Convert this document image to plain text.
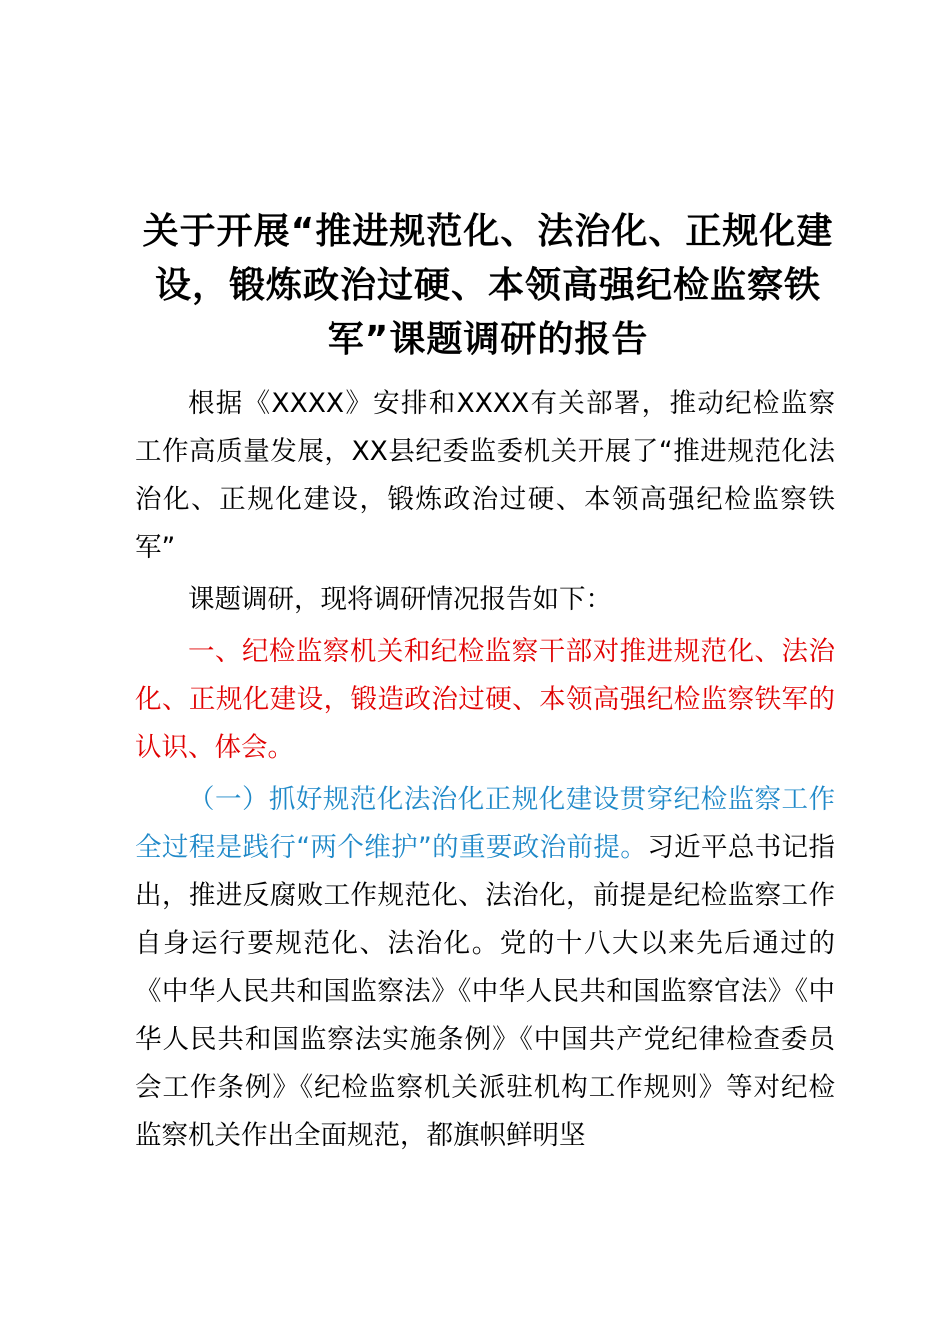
关于开展“推进规范化、法治化、正规化建设，锻炼政治过硬、本领高强纪检监察铁军”课题调研的报告

根据《XXXX》安排和XXXX有关部署，推动纪检监察工作高质量发展，XX县纪委监委机关开展了“推进规范化法治化、正规化建设，锻炼政治过硬、本领高强纪检监察铁军”

课题调研，现将调研情况报告如下：

一、纪检监察机关和纪检监察干部对推进规范化、法治化、正规化建设，锻造政治过硬、本领高强纪检监察铁军的认识、体会。

（一）抓好规范化法治化正规化建设贯穿纪检监察工作全过程是践行“两个维护”的重要政治前提。习近平总书记指出，推进反腐败工作规范化、法治化，前提是纪检监察工作自身运行要规范化、法治化。党的十八大以来先后通过的《中华人民共和国监察法》《中华人民共和国监察官法》《中华人民共和国监察法实施条例》《中国共产党纪律检查委员会工作条例》《纪检监察机关派驻机构工作规则》等对纪检监察机关作出全面规范，都旗帜鲜明坚
